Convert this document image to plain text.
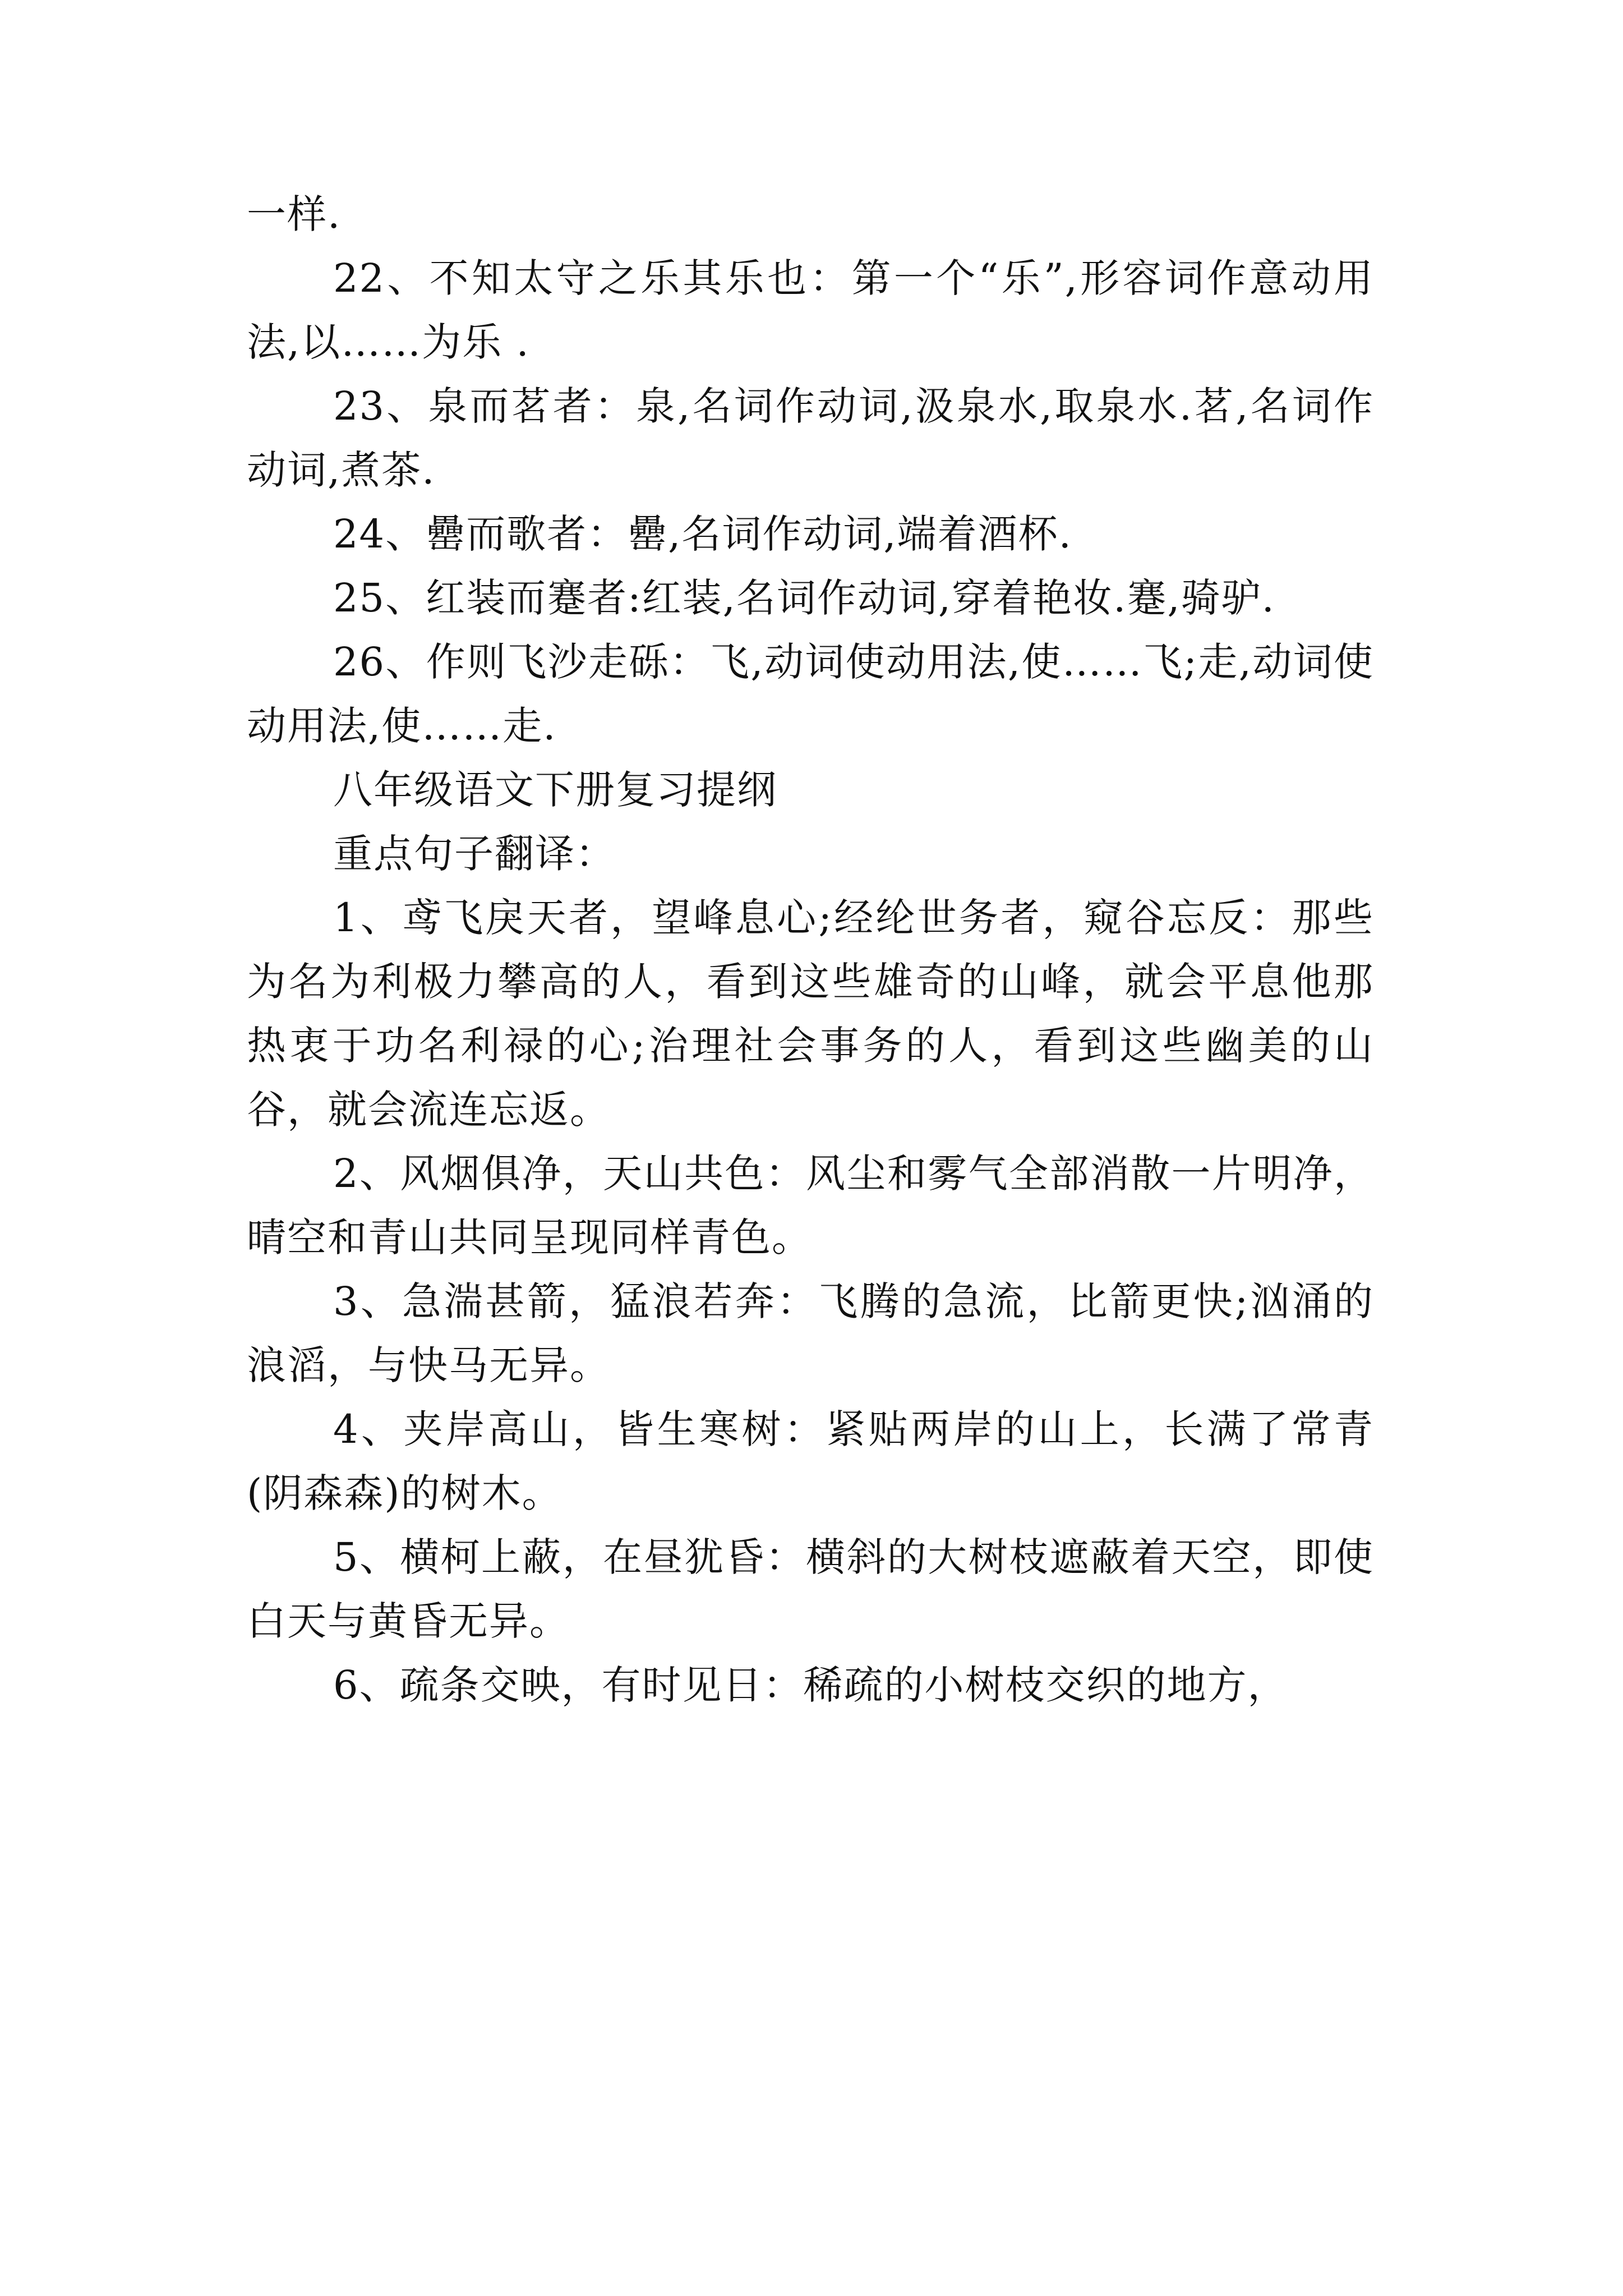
一样.

22、不知太守之乐其乐也：第一个“乐”,形容词作意动用法,以……为乐 .

23、泉而茗者：泉,名词作动词,汲泉水,取泉水.茗,名词作动词,煮茶.

24、罍而歌者：罍,名词作动词,端着酒杯.

25、红装而蹇者:红装,名词作动词,穿着艳妆.蹇,骑驴.

26、作则飞沙走砾：飞,动词使动用法,使……飞;走,动词使动用法,使……走.

八年级语文下册复习提纲

重点句子翻译：

1、鸢飞戾天者，望峰息心;经纶世务者，窥谷忘反：那些为名为利极力攀高的人，看到这些雄奇的山峰，就会平息他那热衷于功名利禄的心;治理社会事务的人，看到这些幽美的山谷，就会流连忘返。

2、风烟俱净，天山共色：风尘和雾气全部消散一片明净，晴空和青山共同呈现同样青色。

3、急湍甚箭，猛浪若奔：飞腾的急流，比箭更快;汹涌的浪滔，与快马无异。

4、夹岸高山，皆生寒树：紧贴两岸的山上，长满了常青(阴森森)的树木。

5、横柯上蔽，在昼犹昏：横斜的大树枝遮蔽着天空，即使白天与黄昏无异。

6、疏条交映，有时见日：稀疏的小树枝交织的地方，
